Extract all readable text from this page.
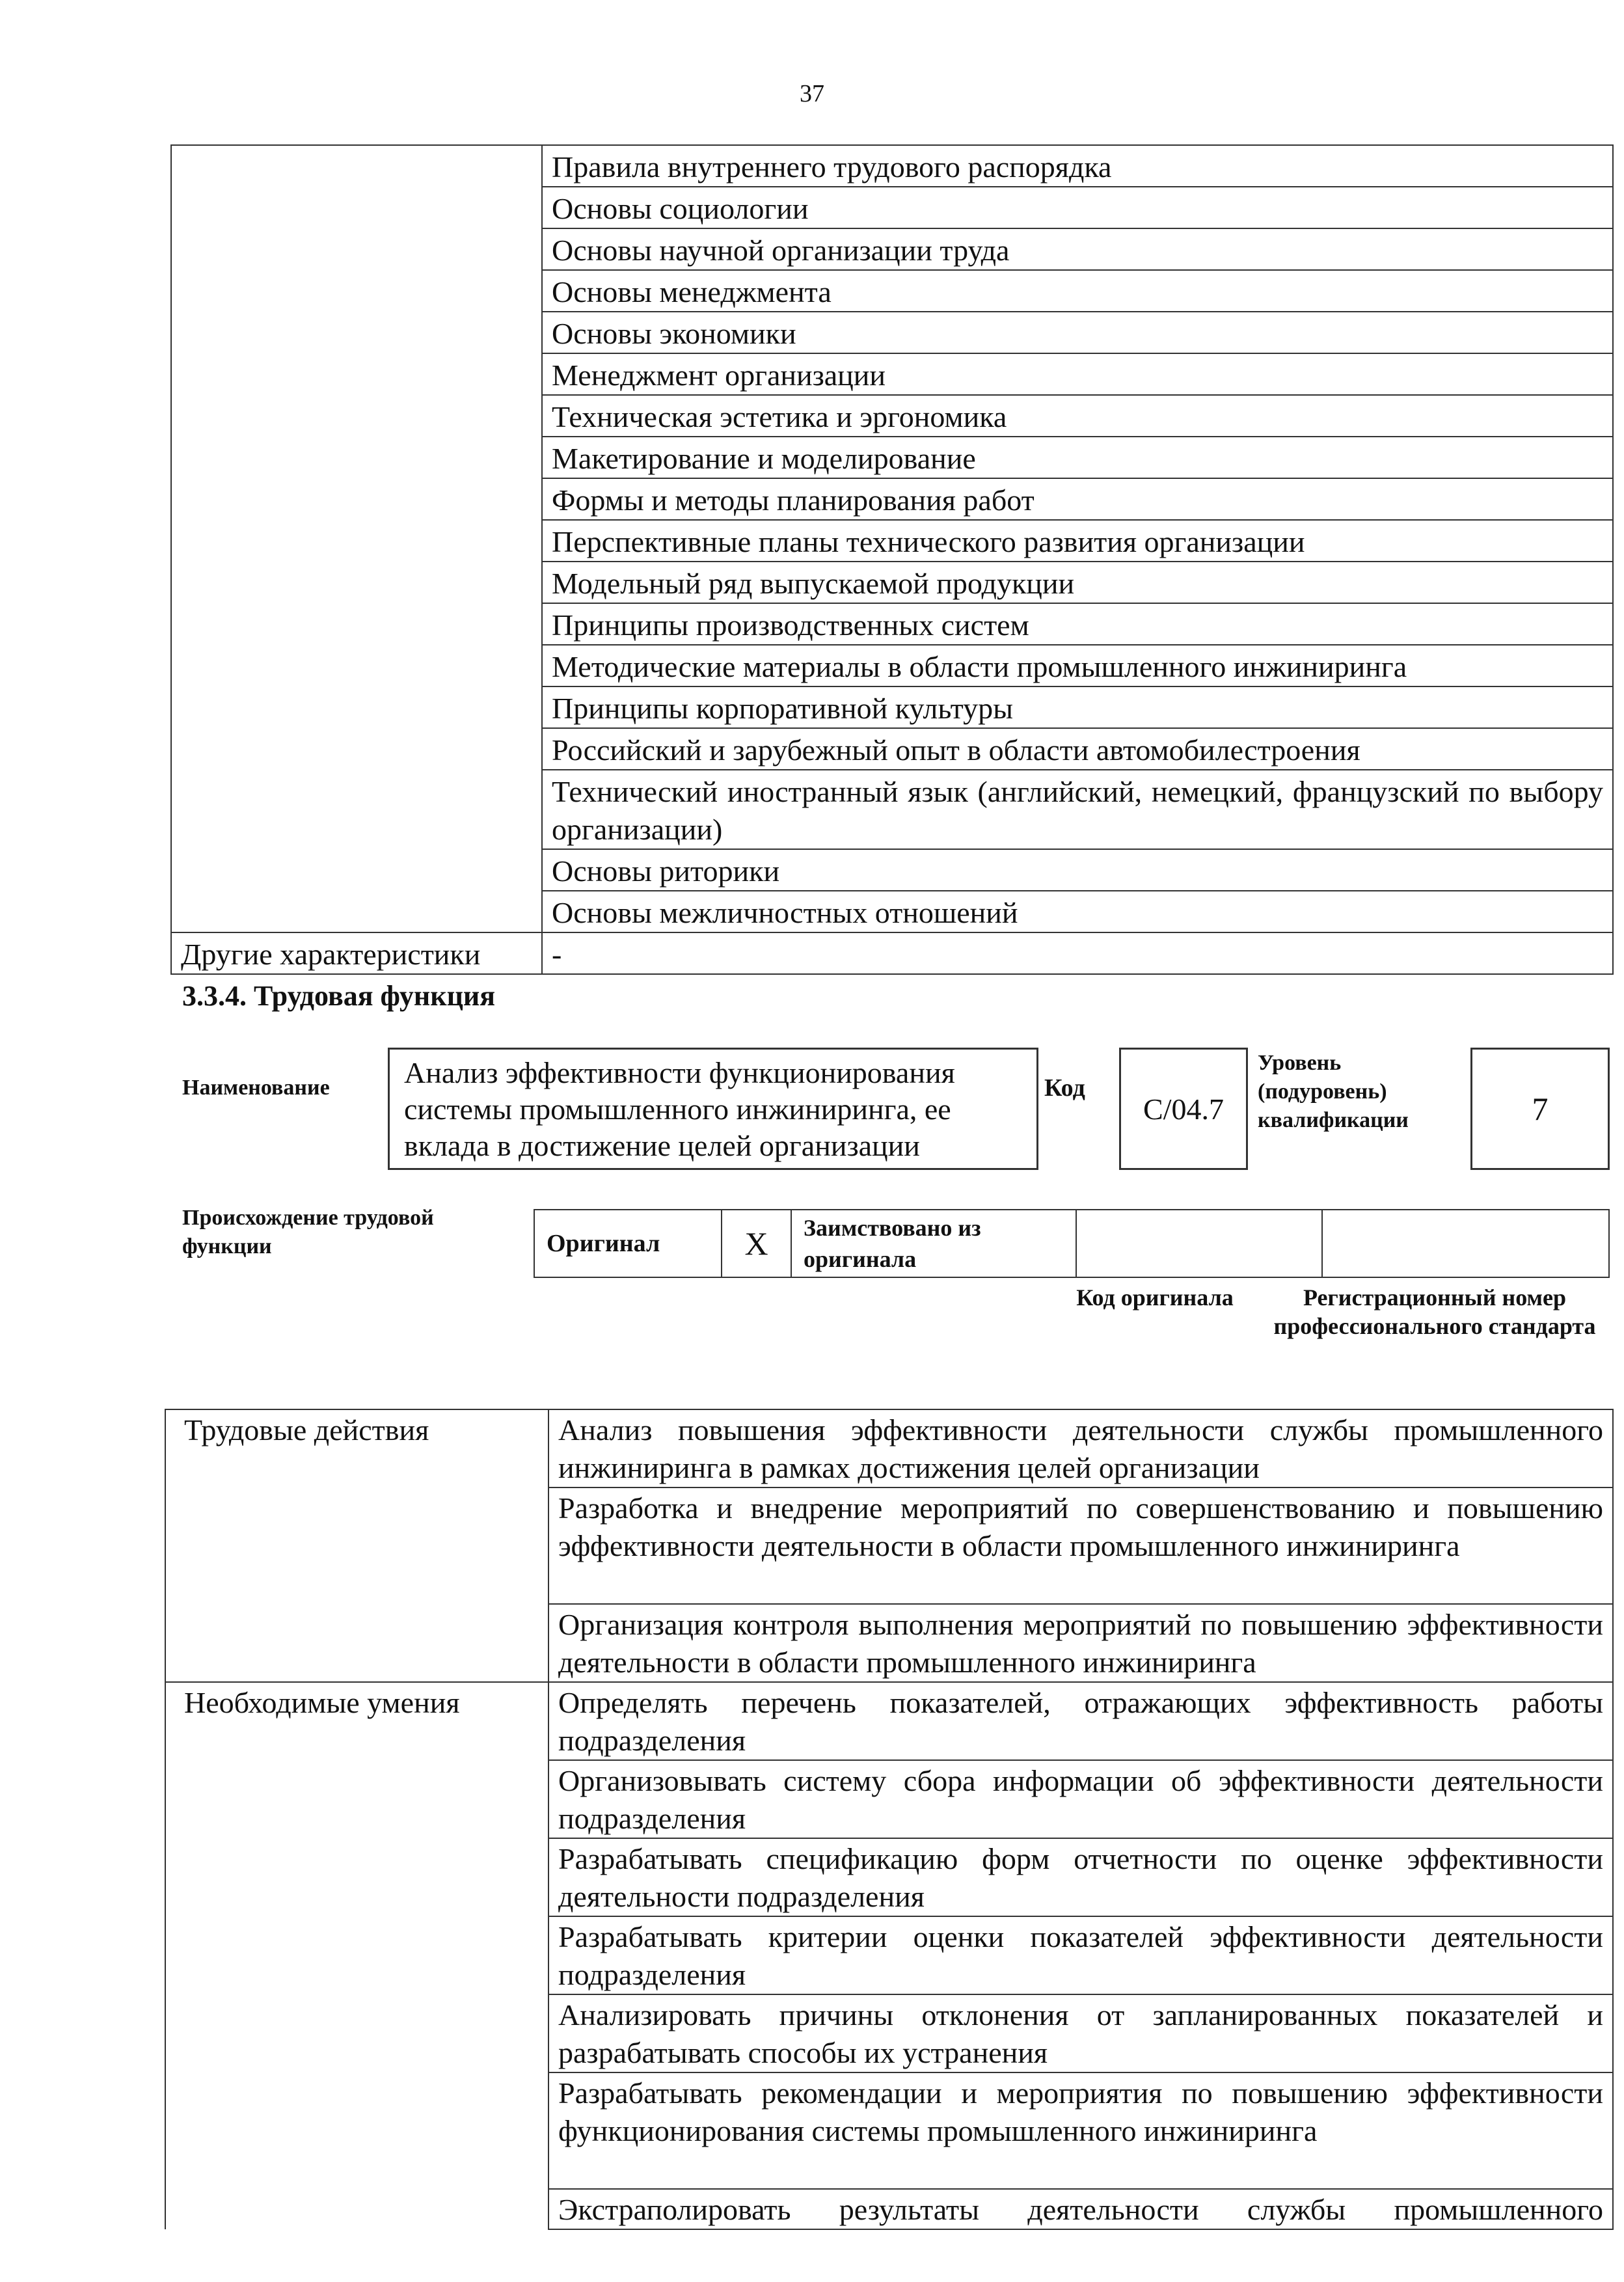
37
	Правила внутреннего трудового распорядка
	Основы социологии
	Основы научной организации труда
	Основы менеджмента
	Основы экономики
	Менеджмент организации
	Техническая эстетика и эргономика
	Макетирование и моделирование
	Формы и методы планирования работ
	Перспективные планы технического развития организации
	Модельный ряд выпускаемой продукции
	Принципы производственных систем
	Методические материалы в области промышленного инжиниринга
	Принципы корпоративной культуры
	Российский и зарубежный опыт в области автомобилестроения
	Технический иностранный язык (английский, немецкий, французский по выбору организации)
	Основы риторики
	Основы межличностных отношений
Другие характеристики	-
3.3.4. Трудовая функция
Наименование	Анализ эффективности функционирования системы промышленного инжиниринга, ее вклада в достижение целей организации
Код
C/04.7
Уровень (подуровень) квалификации	7
Происхождение трудовой функции	Оригинал	X	Заимствовано из оригинала		
Код оригинала	Регистрационный номер профессионального стандарта
Трудовые действия	Анализ повышения эффективности деятельности службы промышленного инжиниринга в рамках достижения целей организации
	Разработка и внедрение мероприятий по совершенствованию и повышению эффективности деятельности в области промышленного инжиниринга
	Организация контроля выполнения мероприятий по повышению эффективности деятельности в области промышленного инжиниринга
Необходимые умения	Определять перечень показателей, отражающих эффективность работы подразделения
	Организовывать систему сбора информации об эффективности деятельности подразделения
	Разрабатывать спецификацию форм отчетности по оценке эффективности деятельности подразделения
	Разрабатывать критерии оценки показателей эффективности деятельности подразделения
	Анализировать причины отклонения от запланированных показателей и разрабатывать способы их устранения
	Разрабатывать рекомендации и мероприятия по повышению эффективности функционирования системы промышленного инжиниринга
	Экстраполировать результаты деятельности службы промышленного
